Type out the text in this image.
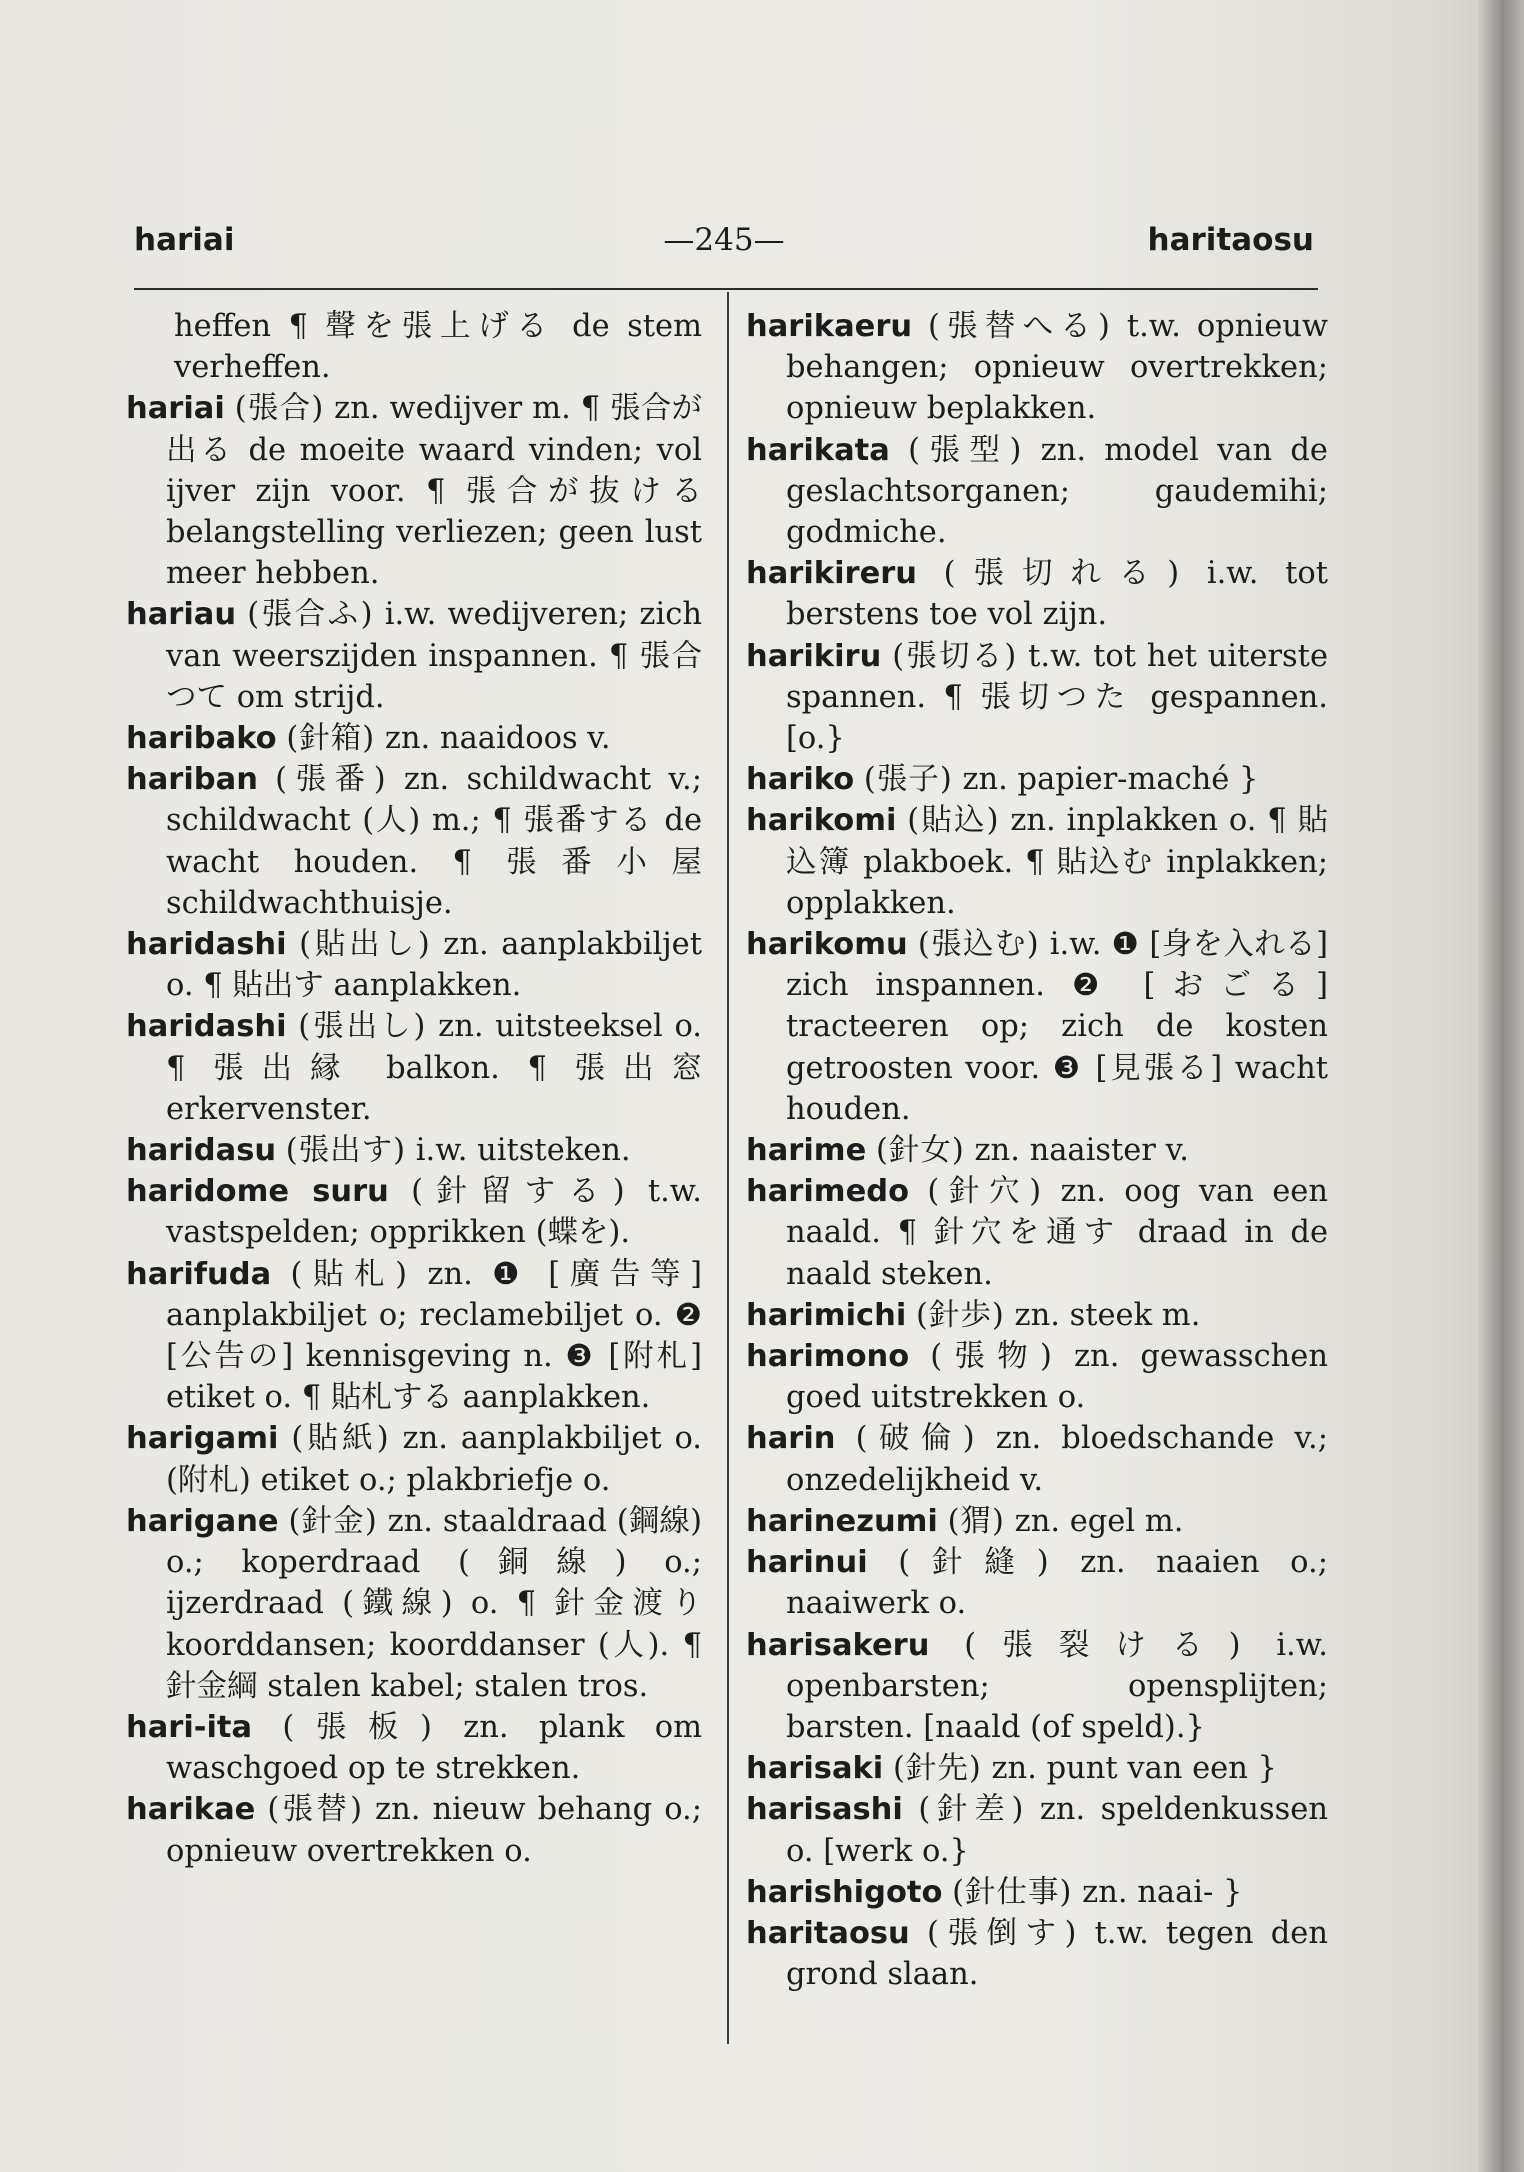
hariai	—245—	haritaosu

heffen ¶ 聲を張上げる de stem verheffen.

hariai (張合) zn. wedijver m. ¶ 張合が出る de moeite waard vinden; vol ijver zijn voor. ¶ 張合が抜ける belangstelling verliezen; geen lust meer hebben.

hariau (張合ふ) i.w. wedijveren; zich van weerszijden inspannen. ¶ 張合つて om strijd.

haribako (針箱) zn. naaidoos v.

hariban (張番) zn. schildwacht v.; schildwacht (人) m.; ¶ 張番する de wacht houden. ¶ 張番小屋 schildwachthuisje.

haridashi (貼出し) zn. aanplakbiljet o. ¶ 貼出す aanplakken.

haridashi (張出し) zn. uitsteeksel o. ¶ 張出縁 balkon. ¶ 張出窓 erkervenster.

haridasu (張出す) i.w. uitsteken.

haridome suru (針留する) t.w. vastspelden; opprikken (蝶を).

harifuda (貼札) zn. ❶ [廣告等] aanplakbiljet o; reclamebiljet o. ❷ [公告の] kennisgeving n. ❸ [附札] etiket o. ¶ 貼札する aanplakken.

harigami (貼紙) zn. aanplakbiljet o. (附札) etiket o.; plakbriefje o.

harigane (針金) zn. staaldraad (鋼線) o.; koperdraad (銅線) o.; ijzerdraad (鐵線) o. ¶ 針金渡り koorddansen; koorddanser (人). ¶ 針金綱 stalen kabel; stalen tros.

hari-ita (張板) zn. plank om waschgoed op te strekken.

harikae (張替) zn. nieuw behang o.; opnieuw overtrekken o.

harikaeru (張替へる) t.w. opnieuw behangen; opnieuw overtrekken; opnieuw beplakken.

harikata (張型) zn. model van de geslachtsorganen; gaudemihi; godmiche.

harikireru (張切れる) i.w. tot berstens toe vol zijn.

harikiru (張切る) t.w. tot het uiterste spannen. ¶ 張切つた gespannen. [o.}

hariko (張子) zn. papier-maché }

harikomi (貼込) zn. inplakken o. ¶ 貼込簿 plakboek. ¶ 貼込む inplakken; opplakken.

harikomu (張込む) i.w. ❶ [身を入れる] zich inspannen. ❷ [おごる] tracteeren op; zich de kosten getroosten voor. ❸ [見張る] wacht houden.

harime (針女) zn. naaister v.

harimedo (針穴) zn. oog van een naald. ¶ 針穴を通す draad in de naald steken.

harimichi (針歩) zn. steek m.

harimono (張物) zn. gewasschen goed uitstrekken o.

harin (破倫) zn. bloedschande v.; onzedelijkheid v.

harinezumi (猬) zn. egel m.

harinui (針縫) zn. naaien o.; naaiwerk o.

harisakeru (張裂ける) i.w. openbarsten; opensplijten; barsten. [naald (of speld).}

harisaki (針先) zn. punt van een }

harisashi (針差) zn. speldenkussen o. [werk o.}

harishigoto (針仕事) zn. naai- }

haritaosu (張倒す) t.w. tegen den grond slaan.
